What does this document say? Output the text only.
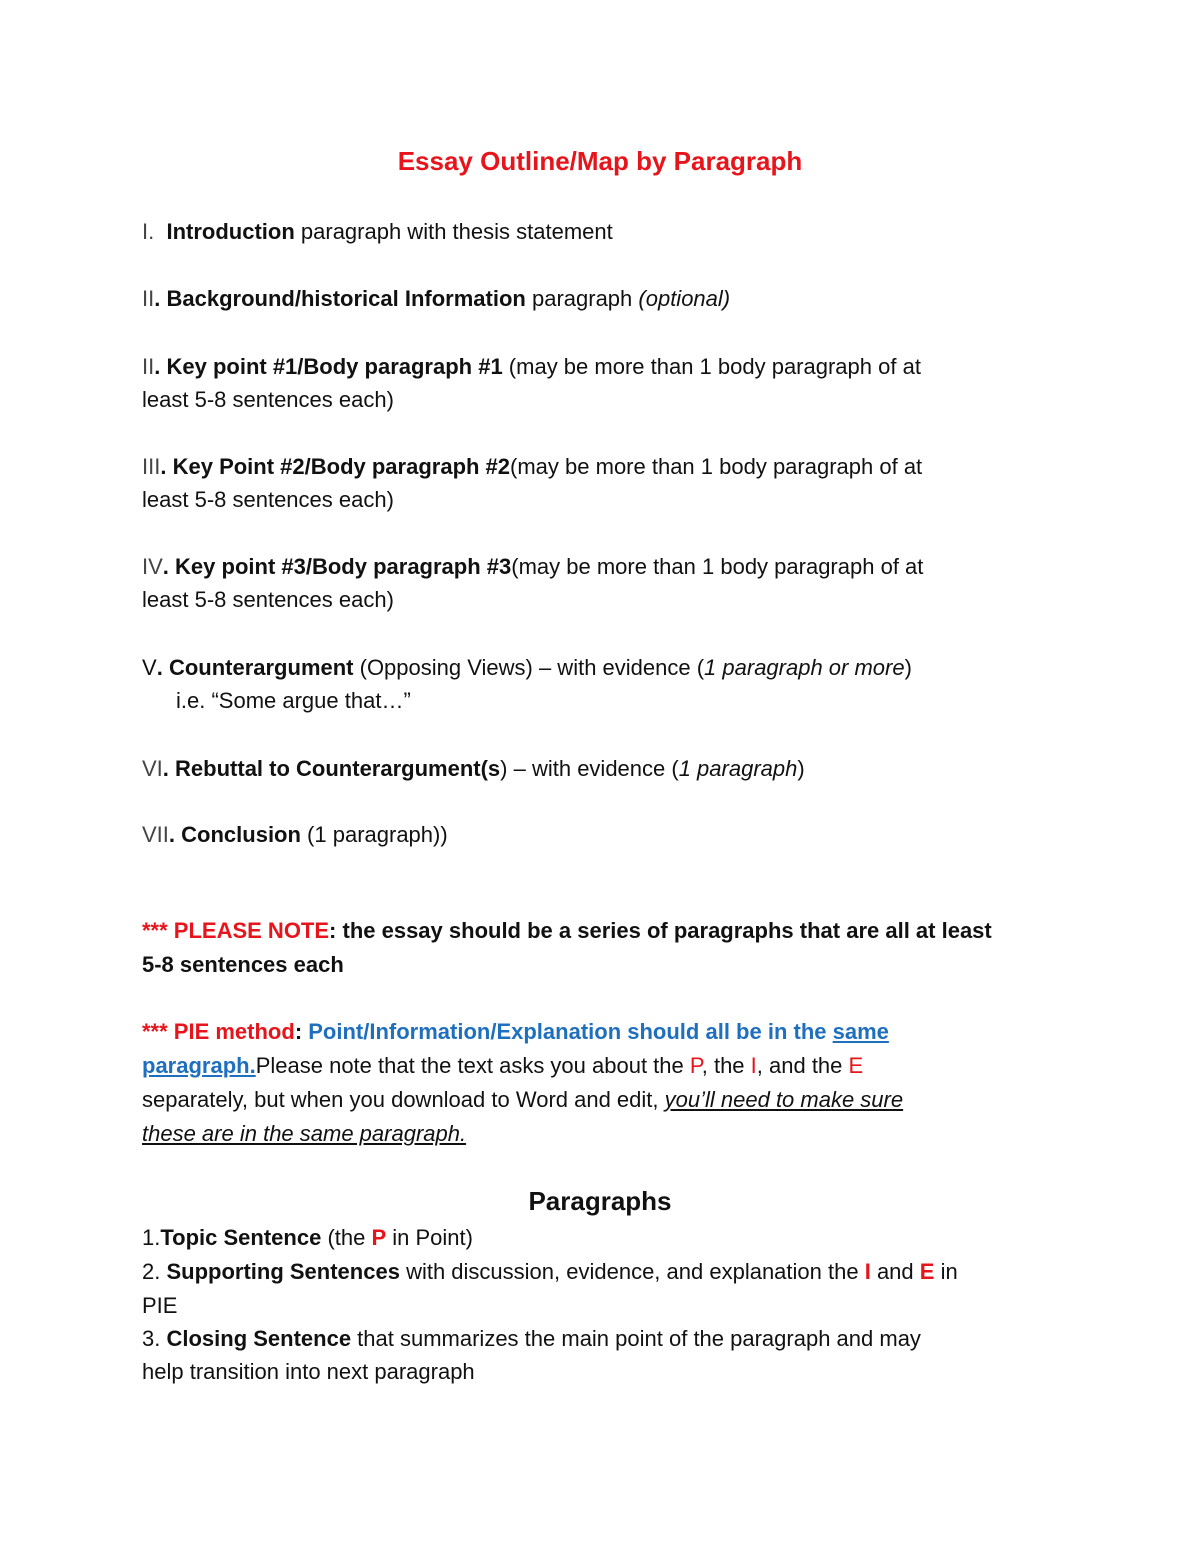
Essay Outline/Map by Paragraph
I. Introduction paragraph with thesis statement
II. Background/historical Information paragraph (optional)
II. Key point #1/Body paragraph #1 (may be more than 1 body paragraph of at
least 5-8 sentences each)
III. Key Point #2/Body paragraph #2(may be more than 1 body paragraph of at
least 5-8 sentences each)
IV. Key point #3/Body paragraph #3(may be more than 1 body paragraph of at
least 5-8 sentences each)
V. Counterargument (Opposing Views) – with evidence (1 paragraph or more)
i.e. “Some argue that…”
VI. Rebuttal to Counterargument(s) – with evidence (1 paragraph)
VII. Conclusion (1 paragraph))
*** PLEASE NOTE: the essay should be a series of paragraphs that are all at least
5-8 sentences each
*** PIE method: Point/Information/Explanation should all be in the same
paragraph.Please note that the text asks you about the P, the I, and the E
separately, but when you download to Word and edit, you’ll need to make sure
these are in the same paragraph.
Paragraphs
1.Topic Sentence (the P in Point)
2. Supporting Sentences with discussion, evidence, and explanation the I and E in
PIE
3. Closing Sentence that summarizes the main point of the paragraph and may
help transition into next paragraph
